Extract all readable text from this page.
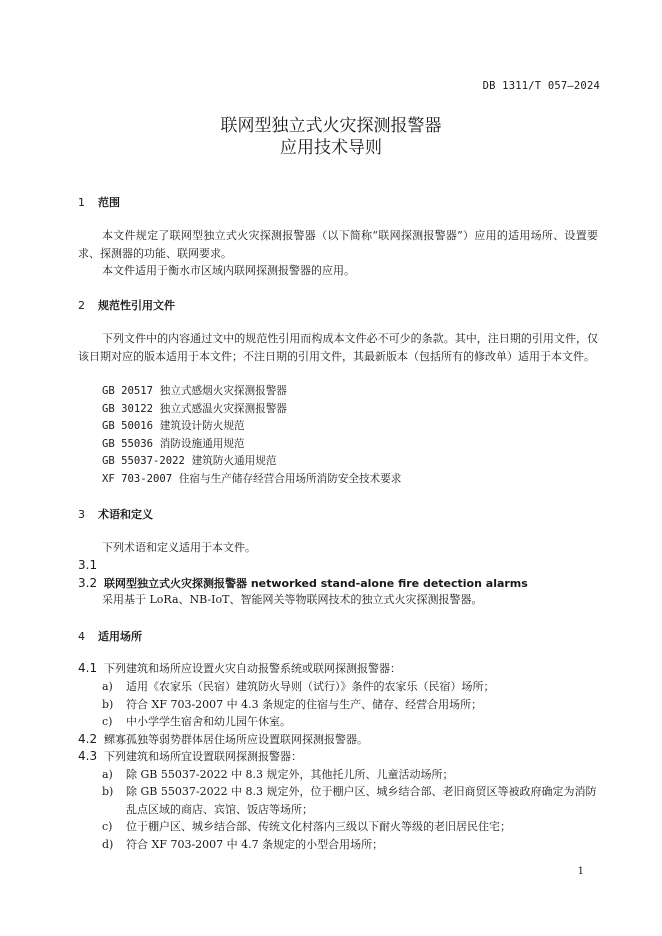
DB 1311/T 057—2024
联网型独立式火灾探测报警器
应用技术导则
1 范围
本文件规定了联网型独立式火灾探测报警器（以下简称“联网探测报警器”）应用的适用场所、设置要求、探测器的功能、联网要求。
本文件适用于衡水市区域内联网探测报警器的应用。
2 规范性引用文件
下列文件中的内容通过文中的规范性引用而构成本文件必不可少的条款。其中，注日期的引用文件，仅该日期对应的版本适用于本文件；不注日期的引用文件，其最新版本（包括所有的修改单）适用于本文件。
GB 20517 独立式感烟火灾探测报警器
GB 30122 独立式感温火灾探测报警器
GB 50016 建筑设计防火规范
GB 55036 消防设施通用规范
GB 55037-2022 建筑防火通用规范
XF 703-2007 住宿与生产储存经营合用场所消防安全技术要求
3 术语和定义
下列术语和定义适用于本文件。
3.1
3.2 联网型独立式火灾探测报警器 networked stand-alone fire detection alarms
采用基于 LoRa、NB-IoT、智能网关等物联网技术的独立式火灾探测报警器。
4 适用场所
4.1 下列建筑和场所应设置火灾自动报警系统或联网探测报警器：
a) 适用《农家乐（民宿）建筑防火导则（试行）》条件的农家乐（民宿）场所；
b) 符合 XF 703-2007 中 4.3 条规定的住宿与生产、储存、经营合用场所；
c) 中小学学生宿舍和幼儿园午休室。
4.2 鳏寡孤独等弱势群体居住场所应设置联网探测报警器。
4.3 下列建筑和场所宜设置联网探测报警器：
a) 除 GB 55037-2022 中 8.3 规定外，其他托儿所、儿童活动场所；
b) 除 GB 55037-2022 中 8.3 规定外，位于棚户区、城乡结合部、老旧商贸区等被政府确定为消防乱点区域的商店、宾馆、饭店等场所；
c) 位于棚户区、城乡结合部、传统文化村落内三级以下耐火等级的老旧居民住宅；
d) 符合 XF 703-2007 中 4.7 条规定的小型合用场所；
1
